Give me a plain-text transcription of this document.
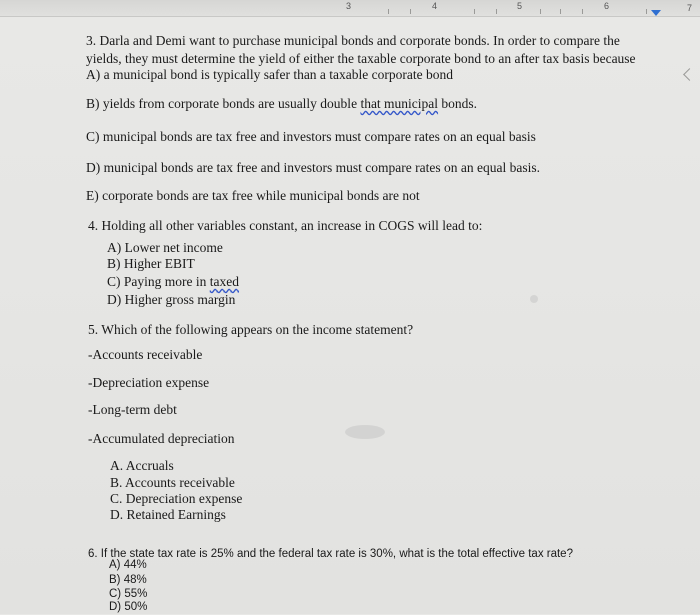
3	4	5	6	7
3. Darla and Demi want to purchase municipal bonds and corporate bonds. In order to compare the
yields, they must determine the yield of either the taxable corporate bond to an after tax basis because
A) a municipal bond is typically safer than a taxable corporate bond
B) yields from corporate bonds are usually double that municipal bonds.
C) municipal bonds are tax free and investors must compare rates on an equal basis
D) municipal bonds are tax free and investors must compare rates on an equal basis.
E) corporate bonds are tax free while municipal bonds are not
4. Holding all other variables constant, an increase in COGS will lead to:
A) Lower net income
B) Higher EBIT
C) Paying more in taxed
D) Higher gross margin
5. Which of the following appears on the income statement?
-Accounts receivable
-Depreciation expense
-Long-term debt
-Accumulated depreciation
A. Accruals
B. Accounts receivable
C. Depreciation expense
D. Retained Earnings
6. If the state tax rate is 25% and the federal tax rate is 30%, what is the total effective tax rate?
A) 44%
B) 48%
C) 55%
D) 50%
